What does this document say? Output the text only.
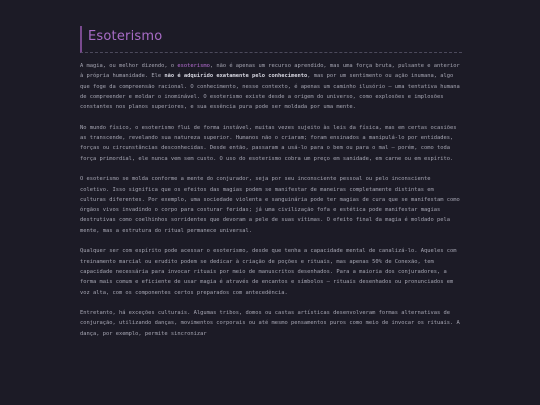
Esoterismo

A magia, ou melhor dizendo, o esoterismo, não é apenas um recurso aprendido, mas uma força bruta, pulsante e anterior à própria humanidade. Ele não é adquirido exatamente pelo conhecimento, mas por um sentimento ou ação inumana, algo que foge da compreensão racional. O conhecimento, nesse contexto, é apenas um caminho ilusório — uma tentativa humana de compreender e moldar o inominável. O esoterismo existe desde a origem do universo, como explosões e implosões constantes nos planos superiores, e sua essência pura pode ser moldada por uma mente.

No mundo físico, o esoterismo flui de forma instável, muitas vezes sujeito às leis da física, mas em certas ocasiões as transcende, revelando sua natureza superior. Humanos não o criaram; foram ensinados a manipulá-lo por entidades, forças ou circunstâncias desconhecidas. Desde então, passaram a usá-lo para o bem ou para o mal — porém, como toda força primordial, ele nunca vem sem custo. O uso do esoterismo cobra um preço em sanidade, em carne ou em espírito.

O esoterismo se molda conforme a mente do conjurador, seja por seu inconsciente pessoal ou pelo inconsciente coletivo. Isso significa que os efeitos das magias podem se manifestar de maneiras completamente distintas em culturas diferentes. Por exemplo, uma sociedade violenta e sanguinária pode ter magias de cura que se manifestam como órgãos vivos invadindo o corpo para costurar feridas; já uma civilização fofa e estética pode manifestar magias destrutivas como coelhinhos sorridentes que devoram a pele de suas vítimas. O efeito final da magia é moldado pela mente, mas a estrutura do ritual permanece universal.

Qualquer ser com espírito pode acessar o esoterismo, desde que tenha a capacidade mental de canalizá-lo. Aqueles com treinamento marcial ou erudito podem se dedicar à criação de poções e rituais, mas apenas 50% de Conexão, tem capacidade necessária para invocar rituais por meio de manuscritos desenhados. Para a maioria dos conjuradores, a forma mais comum e eficiente de usar magia é através de encantos e símbolos — rituais desenhados ou pronunciados em voz alta, com os componentes certos preparados com antecedência.

Entretanto, há exceções culturais. Algumas tribos, domos ou castas artísticas desenvolveram formas alternativas de conjuração, utilizando danças, movimentos corporais ou até mesmo pensamentos puros como meio de invocar os rituais. A dança, por exemplo, permite sincronizar
